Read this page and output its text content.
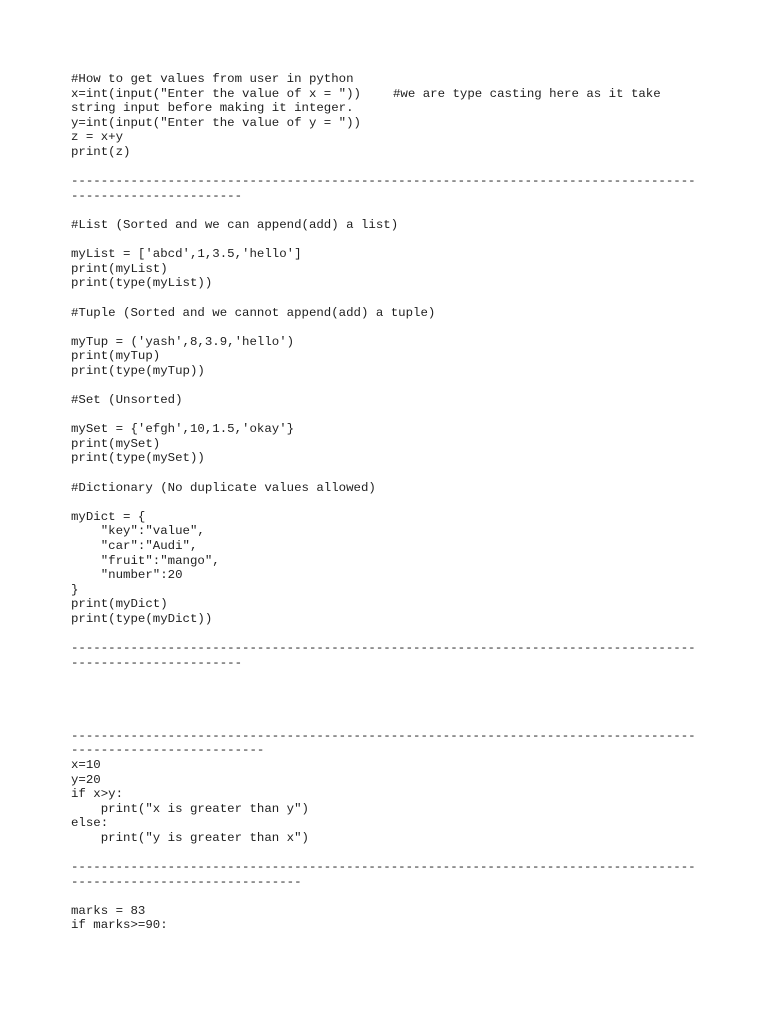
#How to get values from user in python
x=int(input("Enter the value of x = "))	#we are type casting here as it take
string input before making it integer.
y=int(input("Enter the value of y = "))
z = x+y
print(z)
------------------------------------------------------------------------------------
-----------------------
#List (Sorted and we can append(add) a list)
myList = ['abcd',1,3.5,'hello']
print(myList)
print(type(myList))
#Tuple (Sorted and we cannot append(add) a tuple)
myTup = ('yash',8,3.9,'hello')
print(myTup)
print(type(myTup))
#Set (Unsorted)
mySet = {'efgh',10,1.5,'okay'}
print(mySet)
print(type(mySet))
#Dictionary (No duplicate values allowed)
myDict = {
"key":"value",
"car":"Audi",
"fruit":"mango",
"number":20
}
print(myDict)
print(type(myDict))
------------------------------------------------------------------------------------
-----------------------
------------------------------------------------------------------------------------
--------------------------
x=10
y=20
if x>y:
print("x is greater than y")
else:
print("y is greater than x")
------------------------------------------------------------------------------------
-------------------------------
marks = 83
if marks>=90:
